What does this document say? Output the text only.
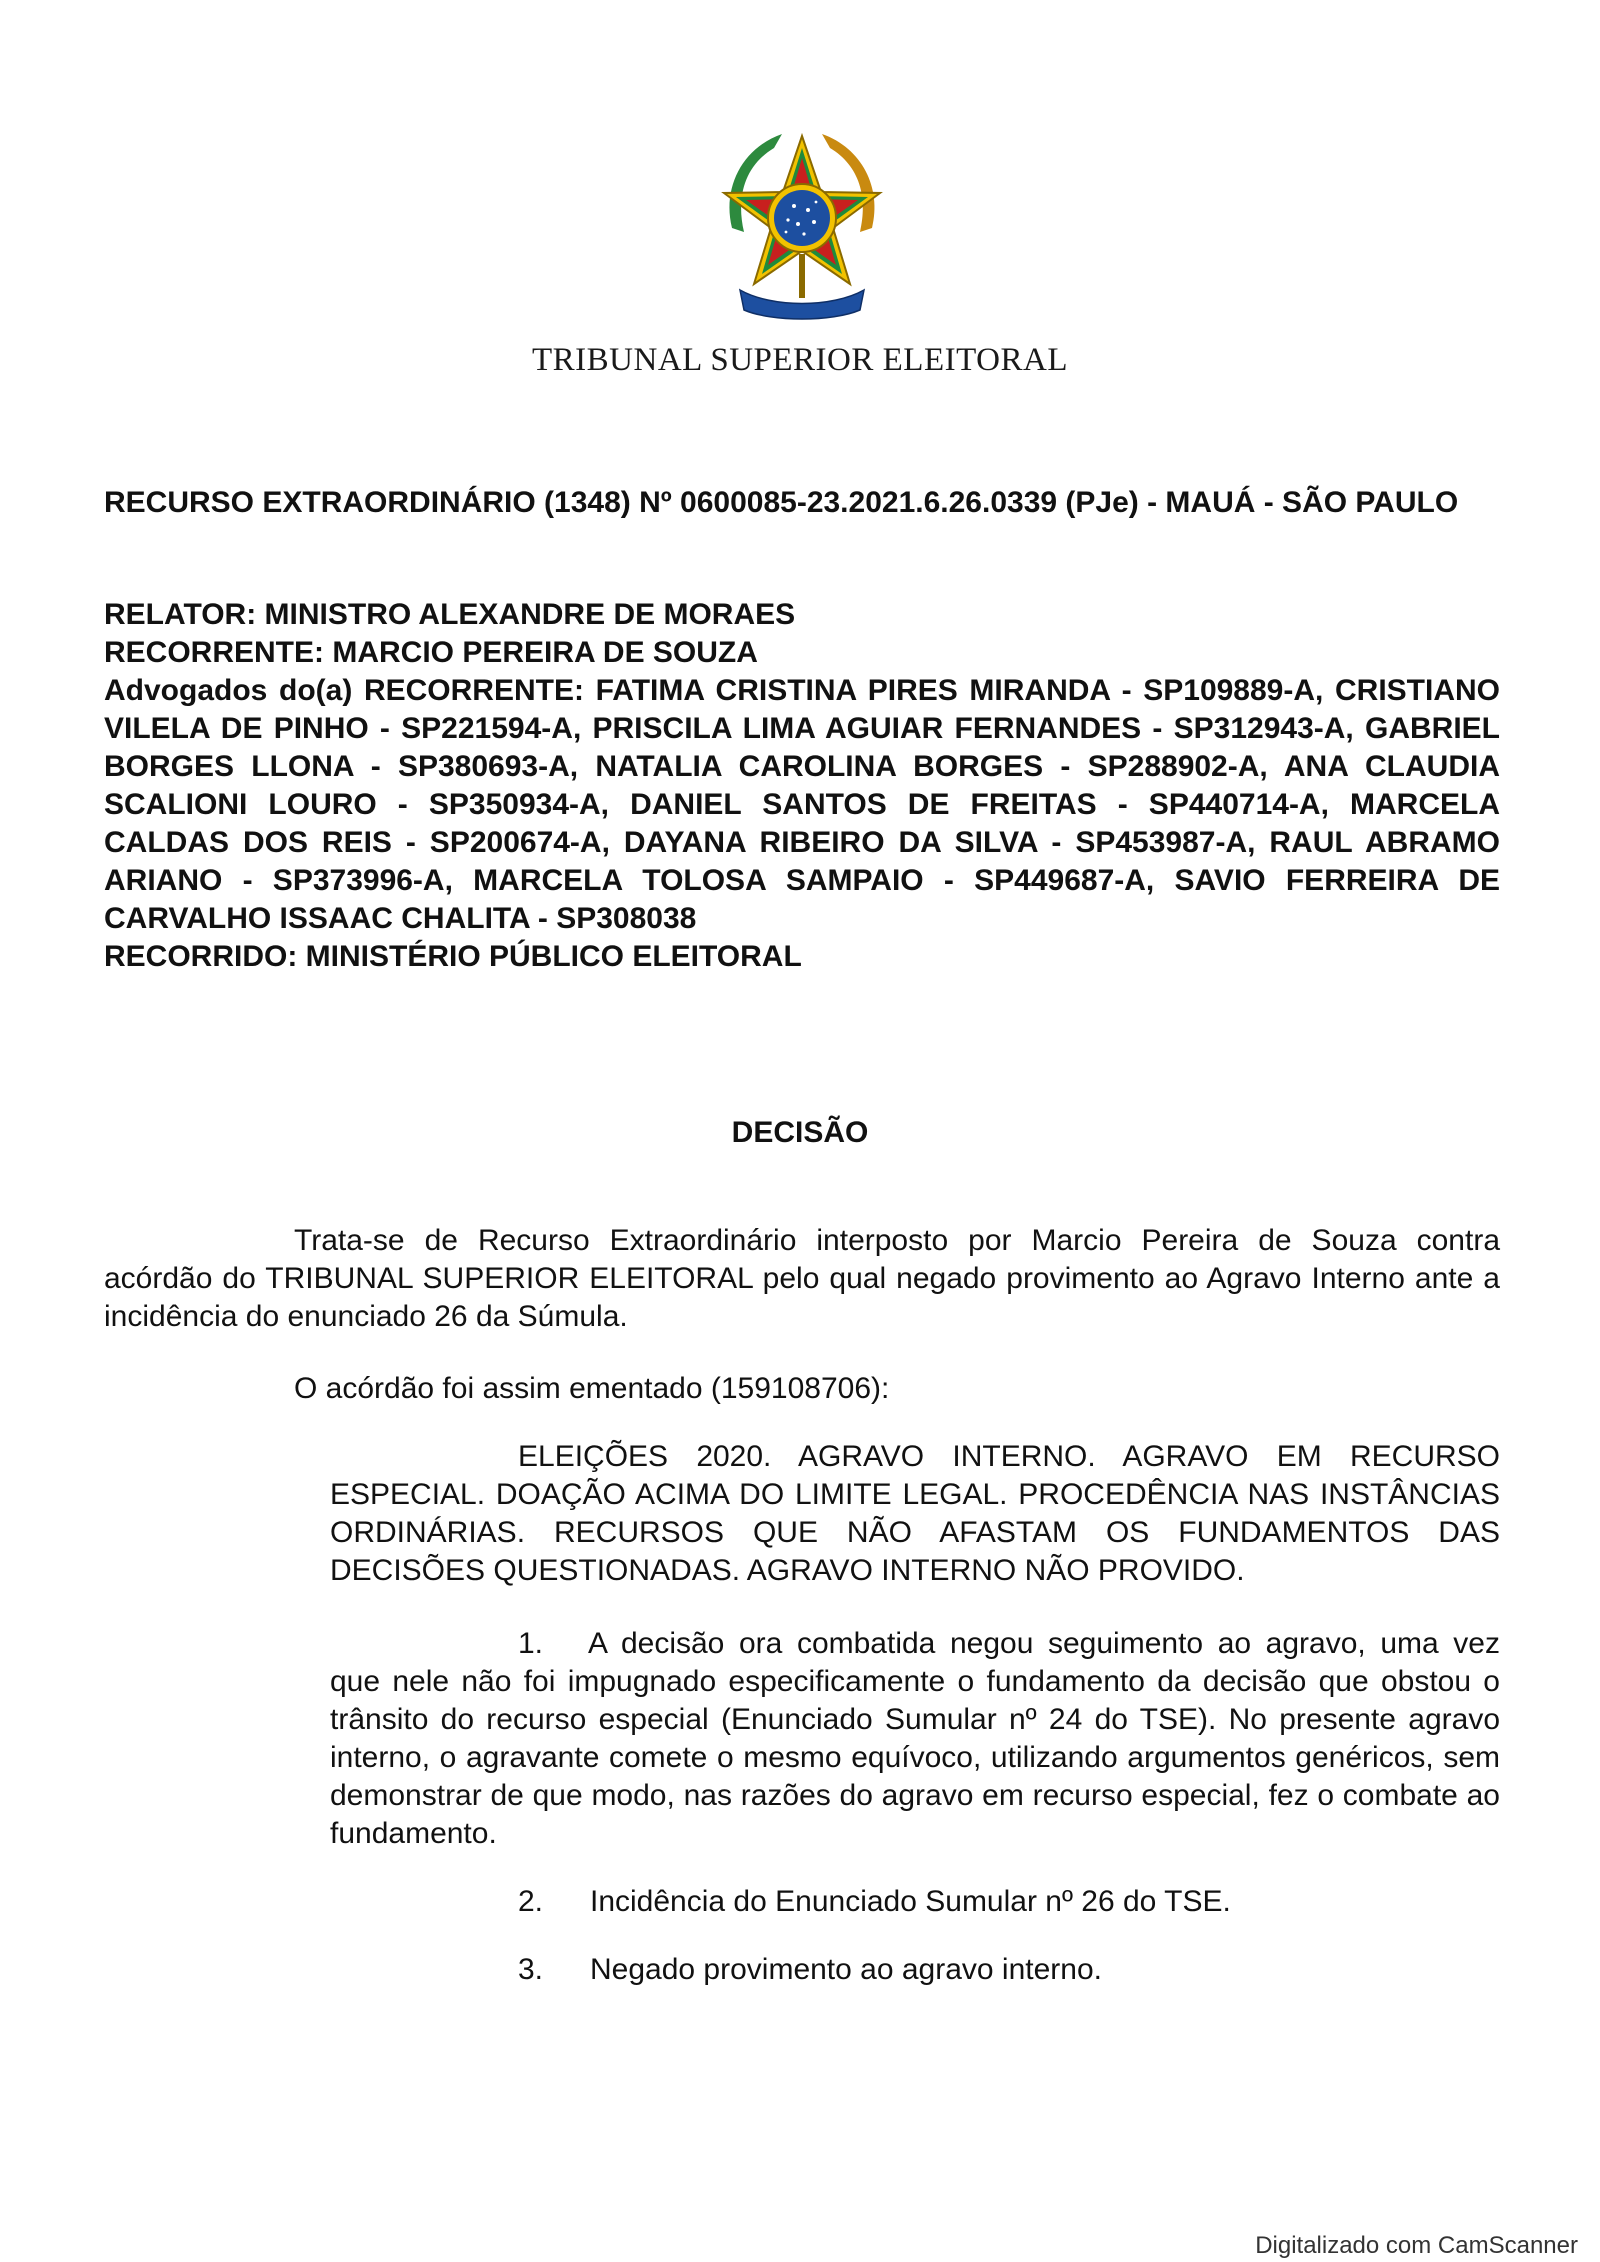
TRIBUNAL SUPERIOR ELEITORAL
RECURSO EXTRAORDINÁRIO (1348) Nº 0600085-23.2021.6.26.0339 (PJe) - MAUÁ - SÃO PAULO

RELATOR: MINISTRO ALEXANDRE DE MORAES

RECORRENTE: MARCIO PEREIRA DE SOUZA

Advogados do(a) RECORRENTE: FATIMA CRISTINA PIRES MIRANDA - SP109889-A, CRISTIANO VILELA DE PINHO - SP221594-A, PRISCILA LIMA AGUIAR FERNANDES - SP312943-A, GABRIEL BORGES LLONA - SP380693-A, NATALIA CAROLINA BORGES - SP288902-A, ANA CLAUDIA SCALIONI LOURO - SP350934-A, DANIEL SANTOS DE FREITAS - SP440714-A, MARCELA CALDAS DOS REIS - SP200674-A, DAYANA RIBEIRO DA SILVA - SP453987-A, RAUL ABRAMO ARIANO - SP373996-A, MARCELA TOLOSA SAMPAIO - SP449687-A, SAVIO FERREIRA DE CARVALHO ISSAAC CHALITA - SP308038

RECORRIDO: MINISTÉRIO PÚBLICO ELEITORAL

DECISÃO
Trata-se de Recurso Extraordinário interposto por Marcio Pereira de Souza contra acórdão do TRIBUNAL SUPERIOR ELEITORAL pelo qual negado provimento ao Agravo Interno ante a incidência do enunciado 26 da Súmula.
O acórdão foi assim ementado (159108706):
ELEIÇÕES 2020. AGRAVO INTERNO. AGRAVO EM RECURSO ESPECIAL. DOAÇÃO ACIMA DO LIMITE LEGAL. PROCEDÊNCIA NAS INSTÂNCIAS ORDINÁRIAS. RECURSOS QUE NÃO AFASTAM OS FUNDAMENTOS DAS DECISÕES QUESTIONADAS. AGRAVO INTERNO NÃO PROVIDO.
1. A decisão ora combatida negou seguimento ao agravo, uma vez que nele não foi impugnado especificamente o fundamento da decisão que obstou o trânsito do recurso especial (Enunciado Sumular nº 24 do TSE). No presente agravo interno, o agravante comete o mesmo equívoco, utilizando argumentos genéricos, sem demonstrar de que modo, nas razões do agravo em recurso especial, fez o combate ao fundamento.
2. Incidência do Enunciado Sumular nº 26 do TSE.
3. Negado provimento ao agravo interno.
Digitalizado com CamScanner
